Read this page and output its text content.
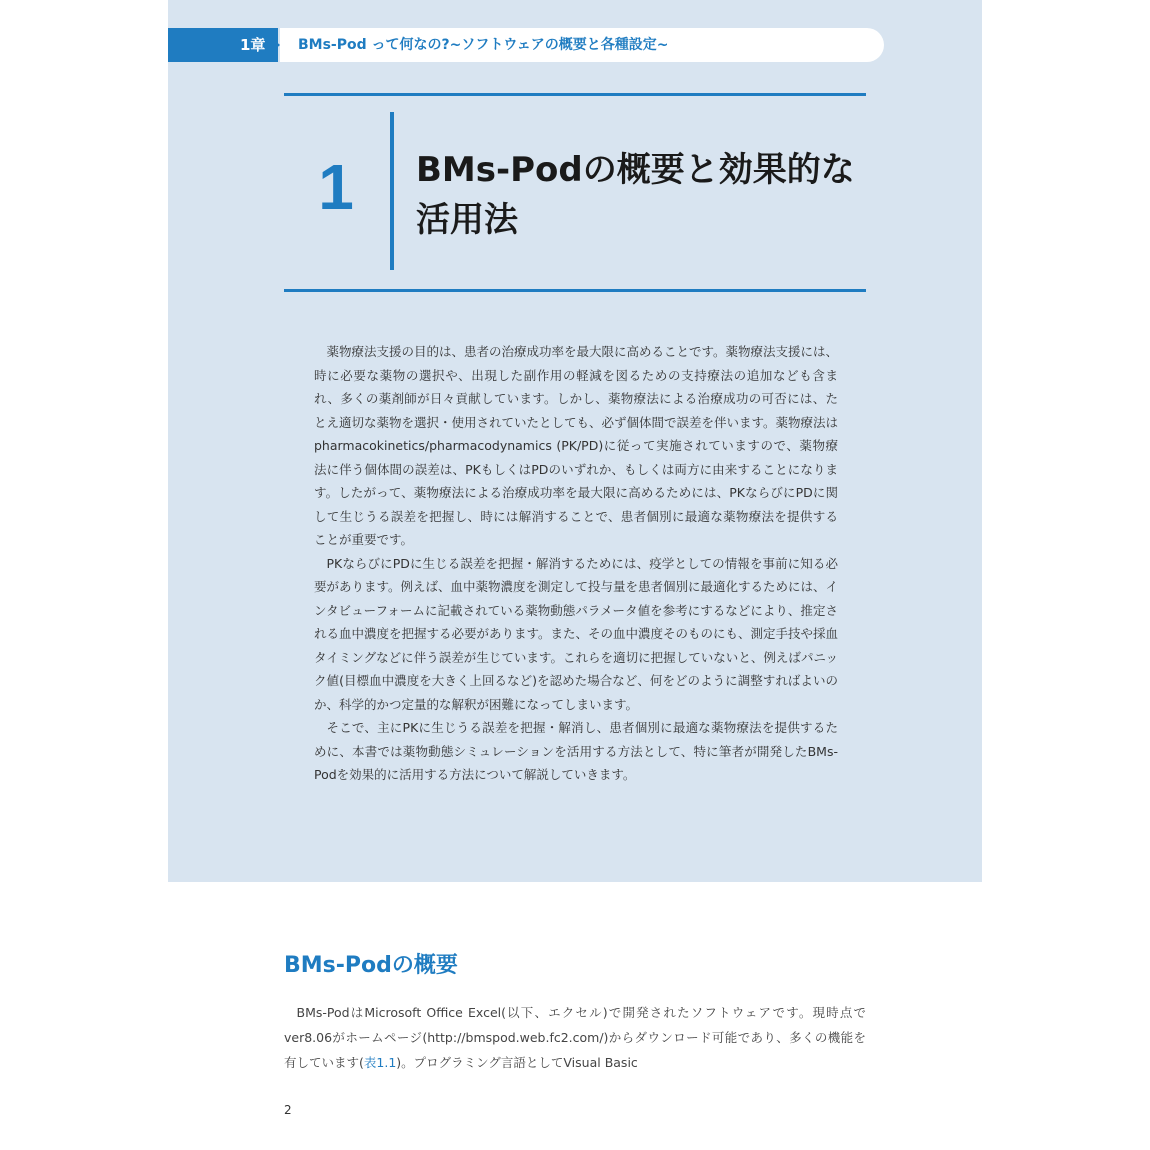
1章	BMs-Pod って何なの?~ソフトウェアの概要と各種設定~
1	BMs-Podの概要と効果的な活用法

薬物療法支援の目的は、患者の治療成功率を最大限に高めることです。薬物療法支援には、時に必要な薬物の選択や、出現した副作用の軽減を図るための支持療法の追加なども含まれ、多くの薬剤師が日々貢献しています。しかし、薬物療法による治療成功の可否には、たとえ適切な薬物を選択・使用されていたとしても、必ず個体間で誤差を伴います。薬物療法はpharmacokinetics/pharmacodynamics (PK/PD)に従って実施されていますので、薬物療法に伴う個体間の誤差は、PKもしくはPDのいずれか、もしくは両方に由来することになります。したがって、薬物療法による治療成功率を最大限に高めるためには、PKならびにPDに関して生じうる誤差を把握し、時には解消することで、患者個別に最適な薬物療法を提供することが重要です。

PKならびにPDに生じる誤差を把握・解消するためには、疫学としての情報を事前に知る必要があります。例えば、血中薬物濃度を測定して投与量を患者個別に最適化するためには、インタビューフォームに記載されている薬物動態パラメータ値を参考にするなどにより、推定される血中濃度を把握する必要があります。また、その血中濃度そのものにも、測定手技や採血タイミングなどに伴う誤差が生じています。これらを適切に把握していないと、例えばパニック値(目標血中濃度を大きく上回るなど)を認めた場合など、何をどのように調整すればよいのか、科学的かつ定量的な解釈が困難になってしまいます。

そこで、主にPKに生じうる誤差を把握・解消し、患者個別に最適な薬物療法を提供するために、本書では薬物動態シミュレーションを活用する方法として、特に筆者が開発したBMs-Podを効果的に活用する方法について解説していきます。

BMs-Podの概要

BMs-PodはMicrosoft Office Excel(以下、エクセル)で開発されたソフトウェアです。現時点でver8.06がホームページ(http://bmspod.web.fc2.com/)からダウンロード可能であり、多くの機能を有しています(表1.1)。プログラミング言語としてVisual Basic

2
